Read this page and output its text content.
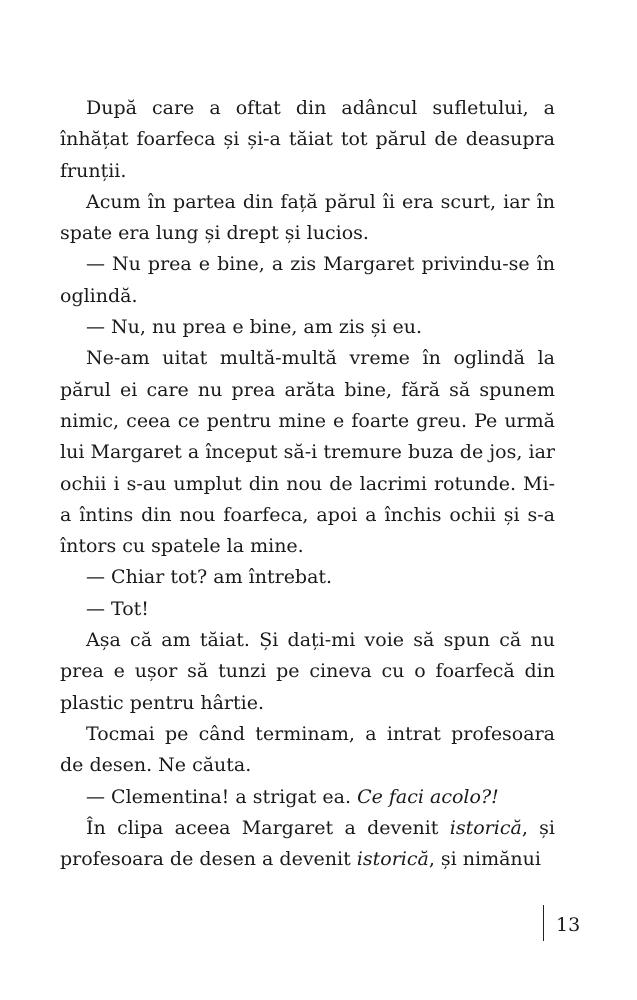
După care a oftat din adâncul sufletului, a înhățat foarfeca și și-a tăiat tot părul de deasupra frunții.

Acum în partea din față părul îi era scurt, iar în spate era lung și drept și lucios.

— Nu prea e bine, a zis Margaret privindu-se în oglindă.

— Nu, nu prea e bine, am zis și eu.

Ne-am uitat multă-multă vreme în oglindă la părul ei care nu prea arăta bine, fără să spunem nimic, ceea ce pentru mine e foarte greu. Pe urmă lui Margaret a început să-i tremure buza de jos, iar ochii i s-au umplut din nou de lacrimi rotunde. Mi-a întins din nou foarfeca, apoi a închis ochii și s-a întors cu spatele la mine.

— Chiar tot? am întrebat.

— Tot!

Așa că am tăiat. Și dați-mi voie să spun că nu prea e ușor să tunzi pe cineva cu o foarfecă din plastic pentru hârtie.

Tocmai pe când terminam, a intrat profesoara de desen. Ne căuta.

— Clementina! a strigat ea. Ce faci acolo?!

În clipa aceea Margaret a devenit istorică, și profesoara de desen a devenit istorică, și nimănui

13
